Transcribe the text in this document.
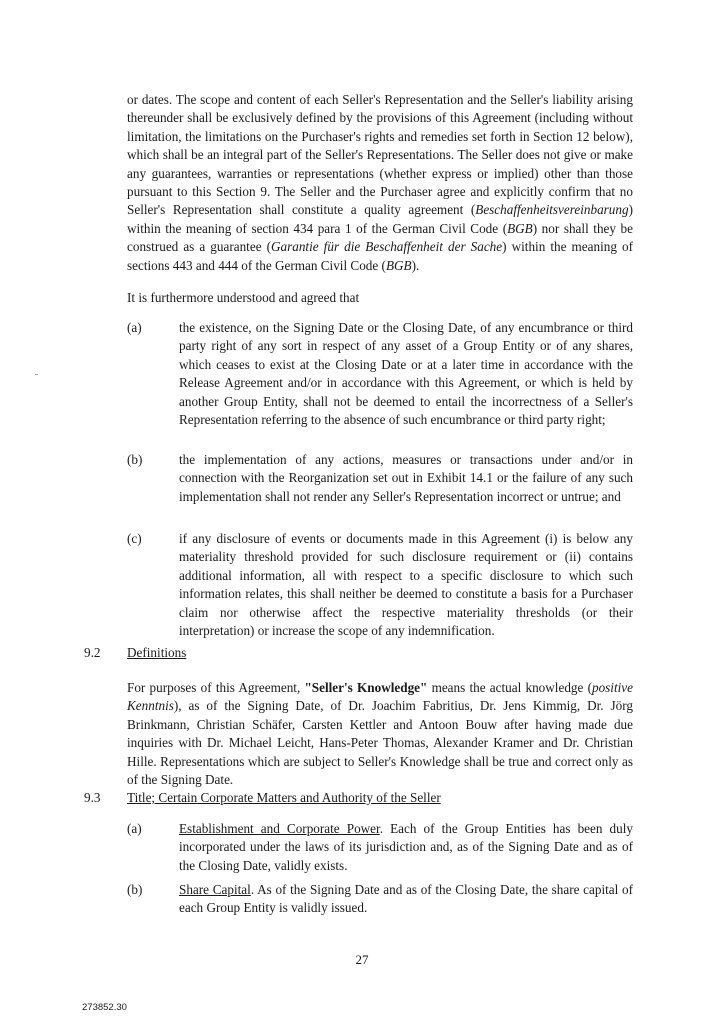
or dates. The scope and content of each Seller's Representation and the Seller's liability arising thereunder shall be exclusively defined by the provisions of this Agreement (including without limitation, the limitations on the Purchaser's rights and remedies set forth in Section 12 below), which shall be an integral part of the Seller's Representations. The Seller does not give or make any guarantees, warranties or representations (whether express or implied) other than those pursuant to this Section 9. The Seller and the Purchaser agree and explicitly confirm that no Seller's Representation shall constitute a quality agreement (Beschaffenheitsvereinbarung) within the meaning of section 434 para 1 of the German Civil Code (BGB) nor shall they be construed as a guarantee (Garantie für die Beschaffenheit der Sache) within the meaning of sections 443 and 444 of the German Civil Code (BGB).

It is furthermore understood and agreed that

(a)	the existence, on the Signing Date or the Closing Date, of any encumbrance or third party right of any sort in respect of any asset of a Group Entity or of any shares, which ceases to exist at the Closing Date or at a later time in accordance with the Release Agreement and/or in accordance with this Agreement, or which is held by another Group Entity, shall not be deemed to entail the incorrectness of a Seller's Representation referring to the absence of such encumbrance or third party right;

(b)	the implementation of any actions, measures or transactions under and/or in connection with the Reorganization set out in Exhibit 14.1 or the failure of any such implementation shall not render any Seller's Representation incorrect or untrue; and

(c)	if any disclosure of events or documents made in this Agreement (i) is below any materiality threshold provided for such disclosure requirement or (ii) contains additional information, all with respect to a specific disclosure to which such information relates, this shall neither be deemed to constitute a basis for a Purchaser claim nor otherwise affect the respective materiality thresholds (or their interpretation) or increase the scope of any indemnification.

9.2 Definitions

For purposes of this Agreement, "Seller's Knowledge" means the actual knowledge (positive Kenntnis), as of the Signing Date, of Dr. Joachim Fabritius, Dr. Jens Kimmig, Dr. Jörg Brinkmann, Christian Schäfer, Carsten Kettler and Antoon Bouw after having made due inquiries with Dr. Michael Leicht, Hans-Peter Thomas, Alexander Kramer and Dr. Christian Hille. Representations which are subject to Seller's Knowledge shall be true and correct only as of the Signing Date.

9.3 Title; Certain Corporate Matters and Authority of the Seller
(a)	Establishment and Corporate Power. Each of the Group Entities has been duly incorporated under the laws of its jurisdiction and, as of the Signing Date and as of the Closing Date, validly exists.

(b)	Share Capital. As of the Signing Date and as of the Closing Date, the share capital of each Group Entity is validly issued.

27
273852.30
